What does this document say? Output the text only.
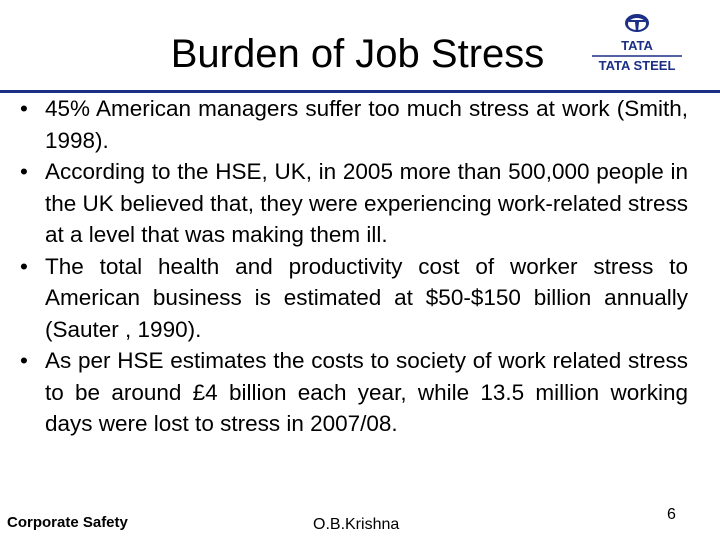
Burden of Job Stress	TATA
TATA STEEL
• 45% American managers suffer too much stress at work (Smith, 1998).
• According to the HSE, UK, in 2005 more than 500,000 people in the UK believed that, they were experiencing work-related stress at a level that was making them ill.
• The total health and productivity cost of worker stress to American business is estimated at $50-$150 billion annually (Sauter , 1990).
• As per HSE estimates the costs to society of work related stress to be around £4 billion each year, while 13.5 million working days were lost to stress in 2007/08.
Corporate Safety	O.B.Krishna
6
